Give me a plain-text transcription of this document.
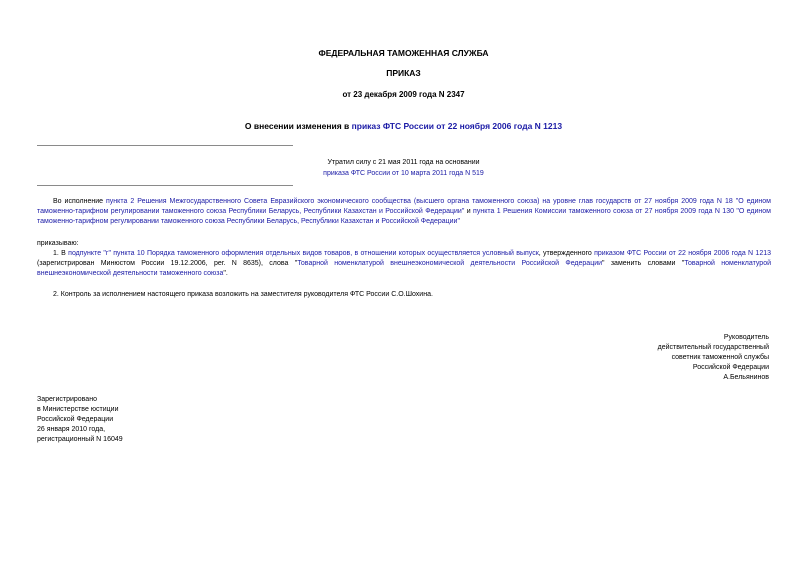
ФЕДЕРАЛЬНАЯ ТАМОЖЕННАЯ СЛУЖБА
ПРИКАЗ
от 23 декабря 2009 года N 2347
О внесении изменения в приказ ФТС России от 22 ноября 2006 года N 1213
Утратил силу с 21 мая 2011 года на основании
приказа ФТС России от 10 марта 2011 года N 519
Во исполнение пункта 2 Решения Межгосударственного Совета Евразийского экономического сообщества (высшего органа таможенного союза) на уровне глав государств от 27 ноября 2009 года N 18 "О едином таможенно-тарифном регулировании таможенного союза Республики Беларусь, Республики Казахстан и Российской Федерации" и пункта 1 Решения Комиссии таможенного союза от 27 ноября 2009 года N 130 "О едином таможенно-тарифном регулировании таможенного союза Республики Беларусь, Республики Казахстан и Российской Федерации"
приказываю:
1. В подпункте "г" пункта 10 Порядка таможенного оформления отдельных видов товаров, в отношении которых осуществляется условный выпуск, утвержденного приказом ФТС России от 22 ноября 2006 года N 1213 (зарегистрирован Минюстом России 19.12.2006, рег. N 8635), слова "Товарной номенклатурой внешнеэкономической деятельности Российской Федерации" заменить словами "Товарной номенклатурой внешнеэкономической деятельности таможенного союза".
2. Контроль за исполнением настоящего приказа возложить на заместителя руководителя ФТС России С.О.Шохина.
Руководитель
действительный государственный
советник таможенной службы
Российской Федерации
А.Бельянинов
Зарегистрировано
в Министерстве юстиции
Российской Федерации
26 января 2010 года,
регистрационный N 16049
